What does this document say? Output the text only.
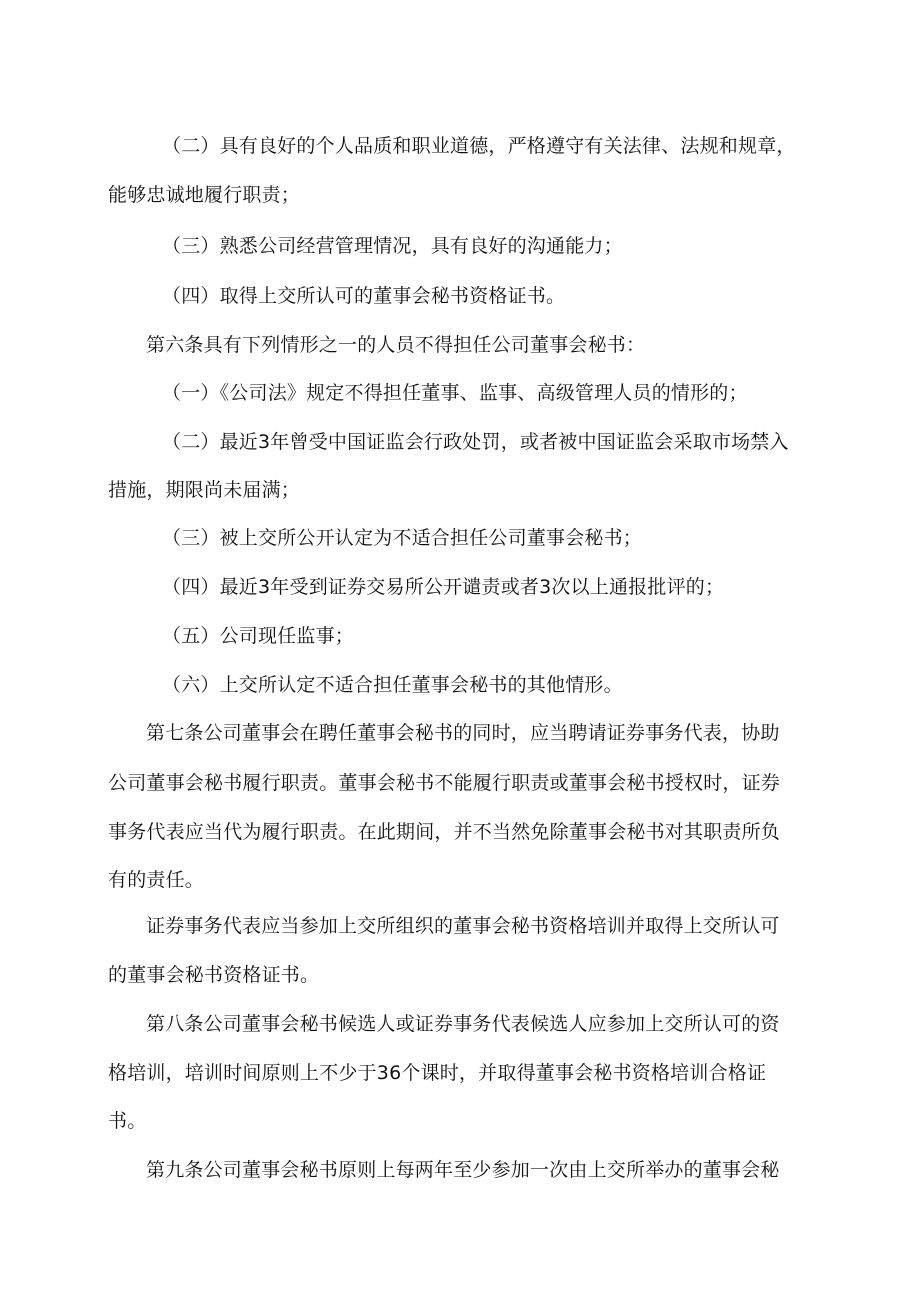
（二）具有良好的个人品质和职业道德，严格遵守有关法律、法规和规章，
能够忠诚地履行职责；
（三）熟悉公司经营管理情况，具有良好的沟通能力；
（四）取得上交所认可的董事会秘书资格证书。
第六条具有下列情形之一的人员不得担任公司董事会秘书：
（一）《公司法》规定不得担任董事、监事、高级管理人员的情形的；
（二）最近3年曾受中国证监会行政处罚，或者被中国证监会采取市场禁入
措施，期限尚未届满；
（三）被上交所公开认定为不适合担任公司董事会秘书；
（四）最近3年受到证券交易所公开谴责或者3次以上通报批评的；
（五）公司现任监事；
（六）上交所认定不适合担任董事会秘书的其他情形。
第七条公司董事会在聘任董事会秘书的同时，应当聘请证券事务代表，协助
公司董事会秘书履行职责。董事会秘书不能履行职责或董事会秘书授权时，证券
事务代表应当代为履行职责。在此期间，并不当然免除董事会秘书对其职责所负
有的责任。
证券事务代表应当参加上交所组织的董事会秘书资格培训并取得上交所认可
的董事会秘书资格证书。
第八条公司董事会秘书候选人或证券事务代表候选人应参加上交所认可的资
格培训，培训时间原则上不少于36个课时，并取得董事会秘书资格培训合格证
书。
第九条公司董事会秘书原则上每两年至少参加一次由上交所举办的董事会秘
